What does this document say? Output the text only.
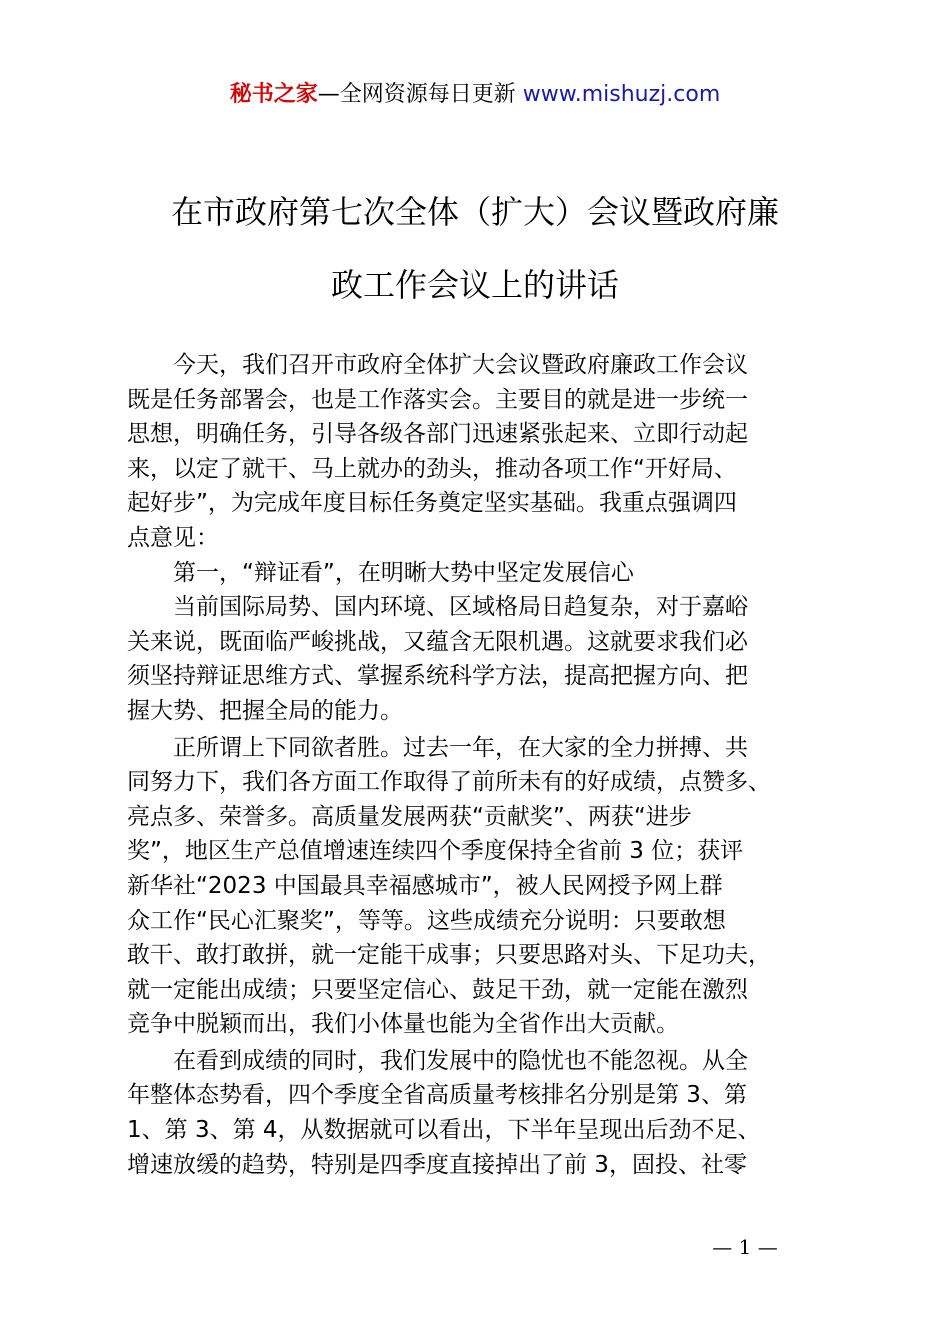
秘书之家—全网资源每日更新 www.mishuzj.com
在市政府第七次全体（扩大）会议暨政府廉
政工作会议上的讲话
　　今天，我们召开市政府全体扩大会议暨政府廉政工作会议
既是任务部署会，也是工作落实会。主要目的就是进一步统一
思想，明确任务，引导各级各部门迅速紧张起来、立即行动起
来，以定了就干、马上就办的劲头，推动各项工作“开好局、
起好步”，为完成年度目标任务奠定坚实基础。我重点强调四
点意见：
　　第一，“辩证看”，在明晰大势中坚定发展信心
　　当前国际局势、国内环境、区域格局日趋复杂，对于嘉峪
关来说，既面临严峻挑战，又蕴含无限机遇。这就要求我们必
须坚持辩证思维方式、掌握系统科学方法，提高把握方向、把
握大势、把握全局的能力。
　　正所谓上下同欲者胜。过去一年，在大家的全力拼搏、共
同努力下，我们各方面工作取得了前所未有的好成绩，点赞多、
亮点多、荣誉多。高质量发展两获“贡献奖”、两获“进步
奖”，地区生产总值增速连续四个季度保持全省前 3 位；获评
新华社“2023 中国最具幸福感城市”，被人民网授予网上群
众工作“民心汇聚奖”，等等。这些成绩充分说明：只要敢想
敢干、敢打敢拼，就一定能干成事；只要思路对头、下足功夫，
就一定能出成绩；只要坚定信心、鼓足干劲，就一定能在激烈
竞争中脱颖而出，我们小体量也能为全省作出大贡献。
　　在看到成绩的同时，我们发展中的隐忧也不能忽视。从全
年整体态势看，四个季度全省高质量考核排名分别是第 3、第
1、第 3、第 4，从数据就可以看出，下半年呈现出后劲不足、
增速放缓的趋势，特别是四季度直接掉出了前 3，固投、社零
— 1 —
